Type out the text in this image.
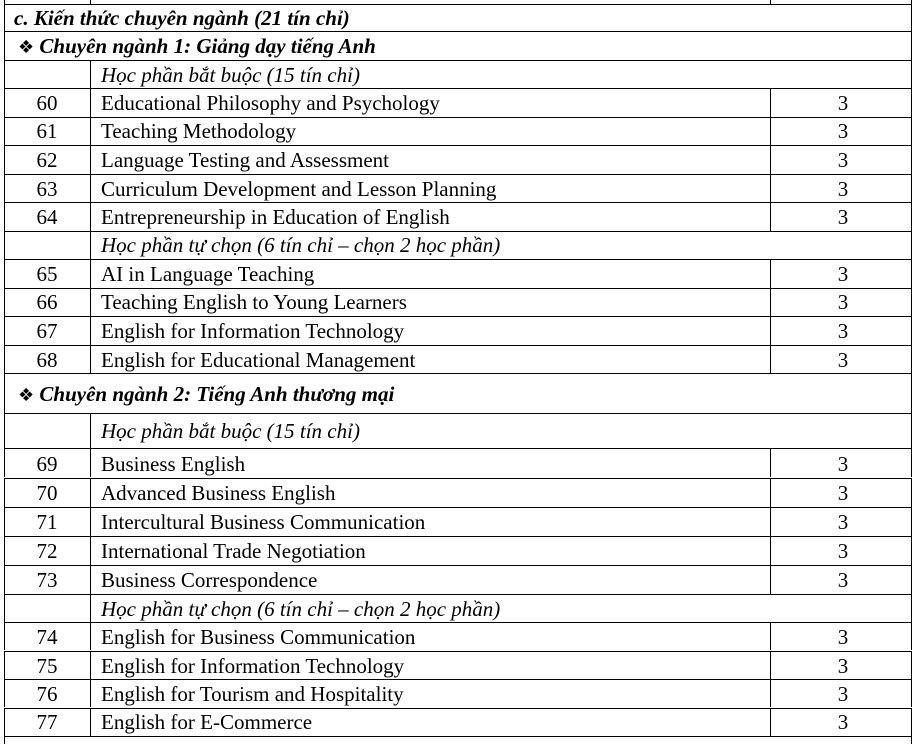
c. Kiến thức chuyên ngành (21 tín chỉ)
❖ Chuyên ngành 1: Giảng dạy tiếng Anh
Học phần bắt buộc (15 tín chỉ)
60	Educational Philosophy and Psychology	3
61	Teaching Methodology	3
62	Language Testing and Assessment	3
63	Curriculum Development and Lesson Planning	3
64	Entrepreneurship in Education of English	3
Học phần tự chọn (6 tín chỉ – chọn 2 học phần)
65	AI in Language Teaching	3
66	Teaching English to Young Learners	3
67	English for Information Technology	3
68	English for Educational Management	3
❖ Chuyên ngành 2: Tiếng Anh thương mại
Học phần bắt buộc (15 tín chỉ)
69	Business English	3
70	Advanced Business English	3
71	Intercultural Business Communication	3
72	International Trade Negotiation	3
73	Business Correspondence	3
Học phần tự chọn (6 tín chỉ – chọn 2 học phần)
74	English for Business Communication	3
75	English for Information Technology	3
76	English for Tourism and Hospitality	3
77	English for E-Commerce	3
